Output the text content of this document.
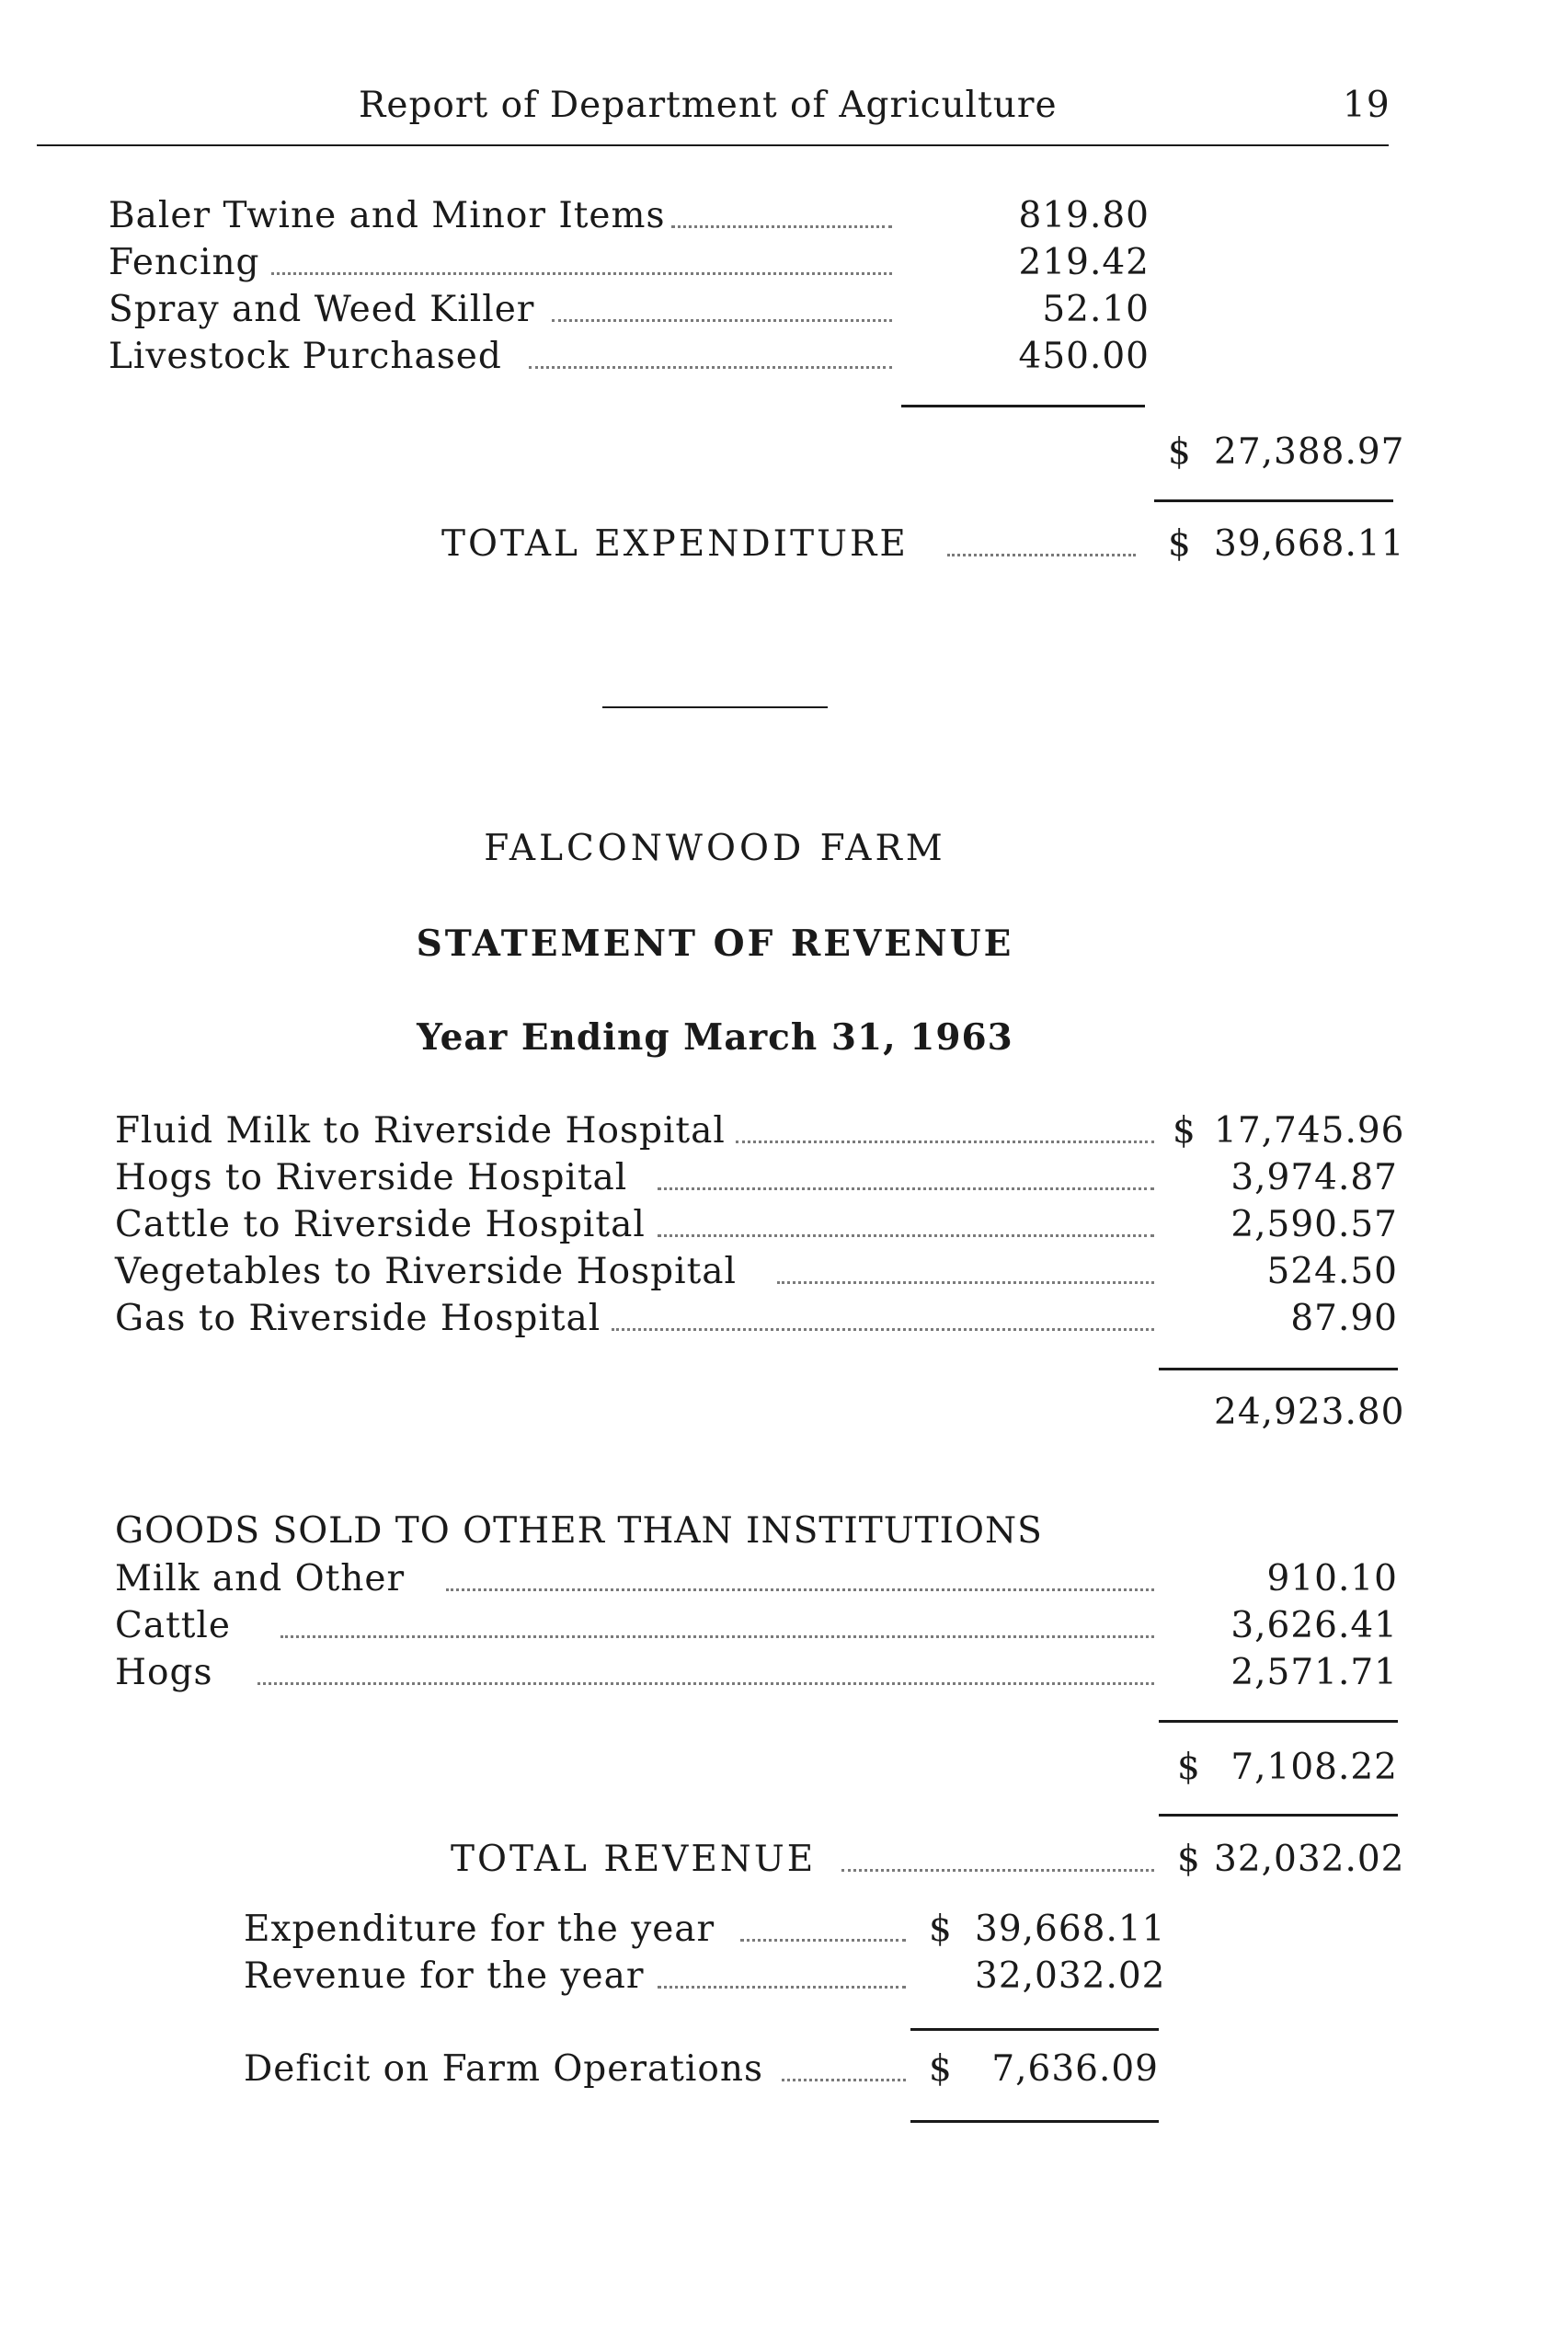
Report of Department of Agriculture	19
Baler Twine and Minor Items	819.80
Fencing	219.42
Spray and Weed Killer	52.10
Livestock Purchased	450.00
$ 27,388.97
TOTAL EXPENDITURE	$ 39,668.11
FALCONWOOD FARM
STATEMENT OF REVENUE
Year Ending March 31, 1963
Fluid Milk to Riverside Hospital	$ 17,745.96
Hogs to Riverside Hospital	3,974.87
Cattle to Riverside Hospital	2,590.57
Vegetables to Riverside Hospital	524.50
Gas to Riverside Hospital	87.90
24,923.80
GOODS SOLD TO OTHER THAN INSTITUTIONS
Milk and Other	910.10
Cattle	3,626.41
Hogs	2,571.71
$ 7,108.22
TOTAL REVENUE	$ 32,032.02
Expenditure for the year	$ 39,668.11
Revenue for the year	32,032.02
Deficit on Farm Operations	$	7,636.09
